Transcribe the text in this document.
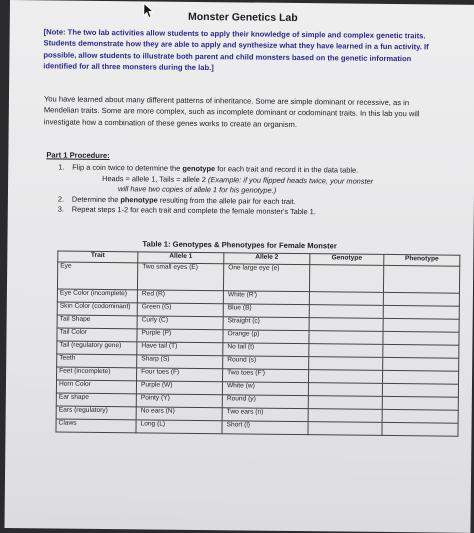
Monster Genetics Lab
[Note: The two lab activities allow students to apply their knowledge of simple and complex genetic traits. Students demonstrate how they are able to apply and synthesize what they have learned in a fun activity. If possible, allow students to illustrate both parent and child monsters based on the genetic information identified for all three monsters during the lab.]
You have learned about many different patterns of inheritance. Some are simple dominant or recessive, as in Mendelian traits. Some are more complex, such as incomplete dominant or codominant traits. In this lab you will investigate how a combination of these genes works to create an organism.
Part 1 Procedure:
1. Flip a coin twice to determine the genotype for each trait and record it in the data table.
Heads = allele 1, Tails = allele 2 (Example: if you flipped heads twice, your monster
will have two copies of allele 1 for his genotype.)
2. Determine the phenotype resulting from the allele pair for each trait.
3. Repeat steps 1-2 for each trait and complete the female monster's Table 1.
Table 1: Genotypes & Phenotypes for Female Monster
Trait	Allele 1	Allele 2	Genotype	Phenotype
Eye	Two small eyes (E)	One large eye (e)		
Eye Color (incomplete)	Red (R)	White (R')		
Skin Color (codominant)	Green (G)	Blue (B)		
Tail Shape	Curly (C)	Straight (c)		
Tail Color	Purple (P)	Orange (p)		
Tail (regulatory gene)	Have tail (T)	No tail (t)		
Teeth	Sharp (S)	Round (s)		
Feet (incomplete)	Four toes (F)	Two toes (F')		
Horn Color	Purple (W)	White (w)		
Ear shape	Pointy (Y)	Round (y)		
Ears (regulatory)	No ears (N)	Two ears (n)		
Claws	Long (L)	Short (l)		
